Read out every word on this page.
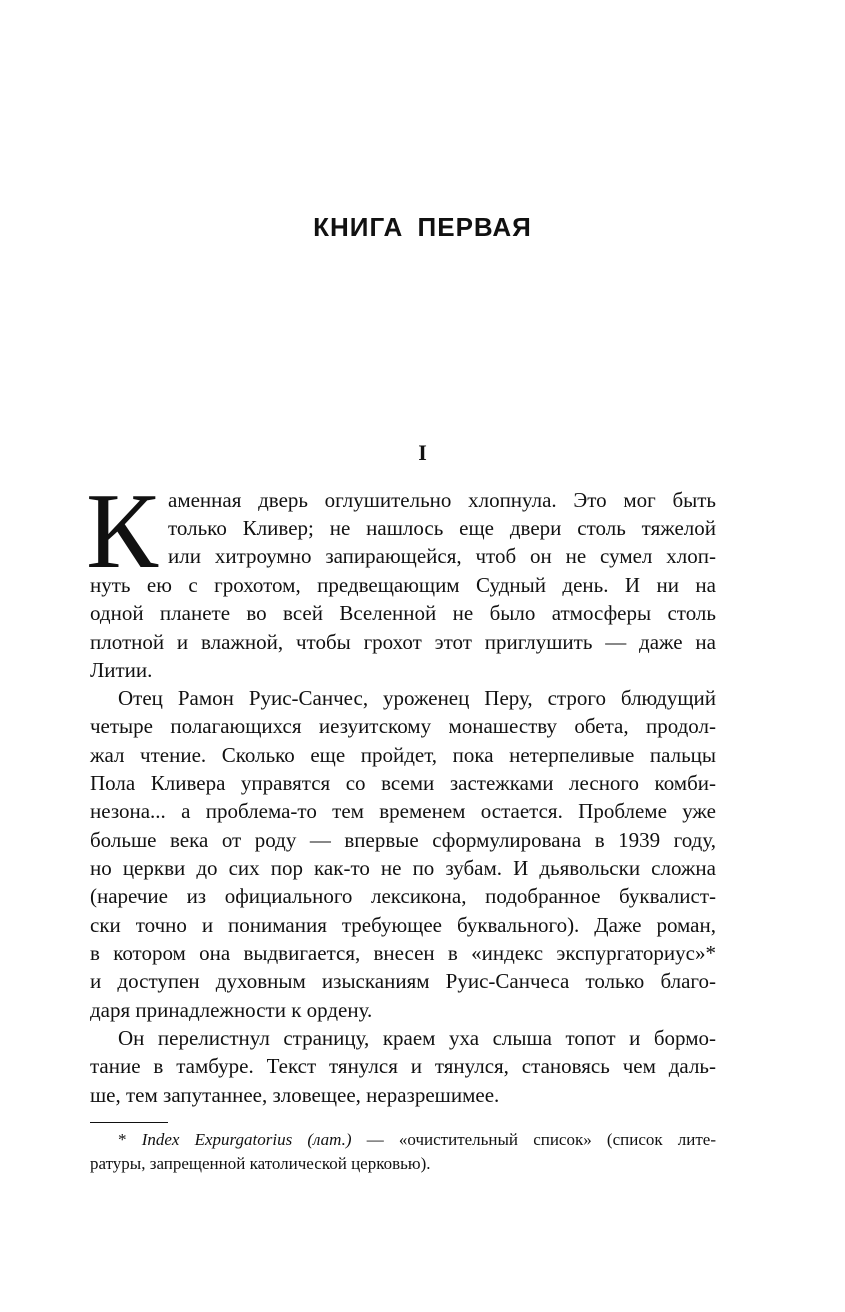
КНИГА ПЕРВАЯ
I
К аменная дверь оглушительно хлопнула. Это мог быть
только Кливер; не нашлось еще двери столь тяжелой
или хитроумно запирающейся, чтоб он не сумел хлоп-
нуть ею с грохотом, предвещающим Судный день. И ни на
одной планете во всей Вселенной не было атмосферы столь
плотной и влажной, чтобы грохот этот приглушить — даже на
Литии.
Отец Рамон Руис-Санчес, уроженец Перу, строго блюдущий
четыре полагающихся иезуитскому монашеству обета, продол-
жал чтение. Сколько еще пройдет, пока нетерпеливые пальцы
Пола Кливера управятся со всеми застежками лесного комби-
незона... а проблема-то тем временем остается. Проблеме уже
больше века от роду — впервые сформулирована в 1939 году,
но церкви до сих пор как-то не по зубам. И дьявольски сложна
(наречие из официального лексикона, подобранное буквалист-
ски точно и понимания требующее буквального). Даже роман,
в котором она выдвигается, внесен в «индекс экспургаториус»*
и доступен духовным изысканиям Руис-Санчеса только благо-
даря принадлежности к ордену.
Он перелистнул страницу, краем уха слыша топот и бормо-
тание в тамбуре. Текст тянулся и тянулся, становясь чем даль-
ше, тем запутаннее, зловещее, неразрешимее.
* Index Expurgatorius (лат.) — «очистительный список» (список лите-
ратуры, запрещенной католической церковью).
